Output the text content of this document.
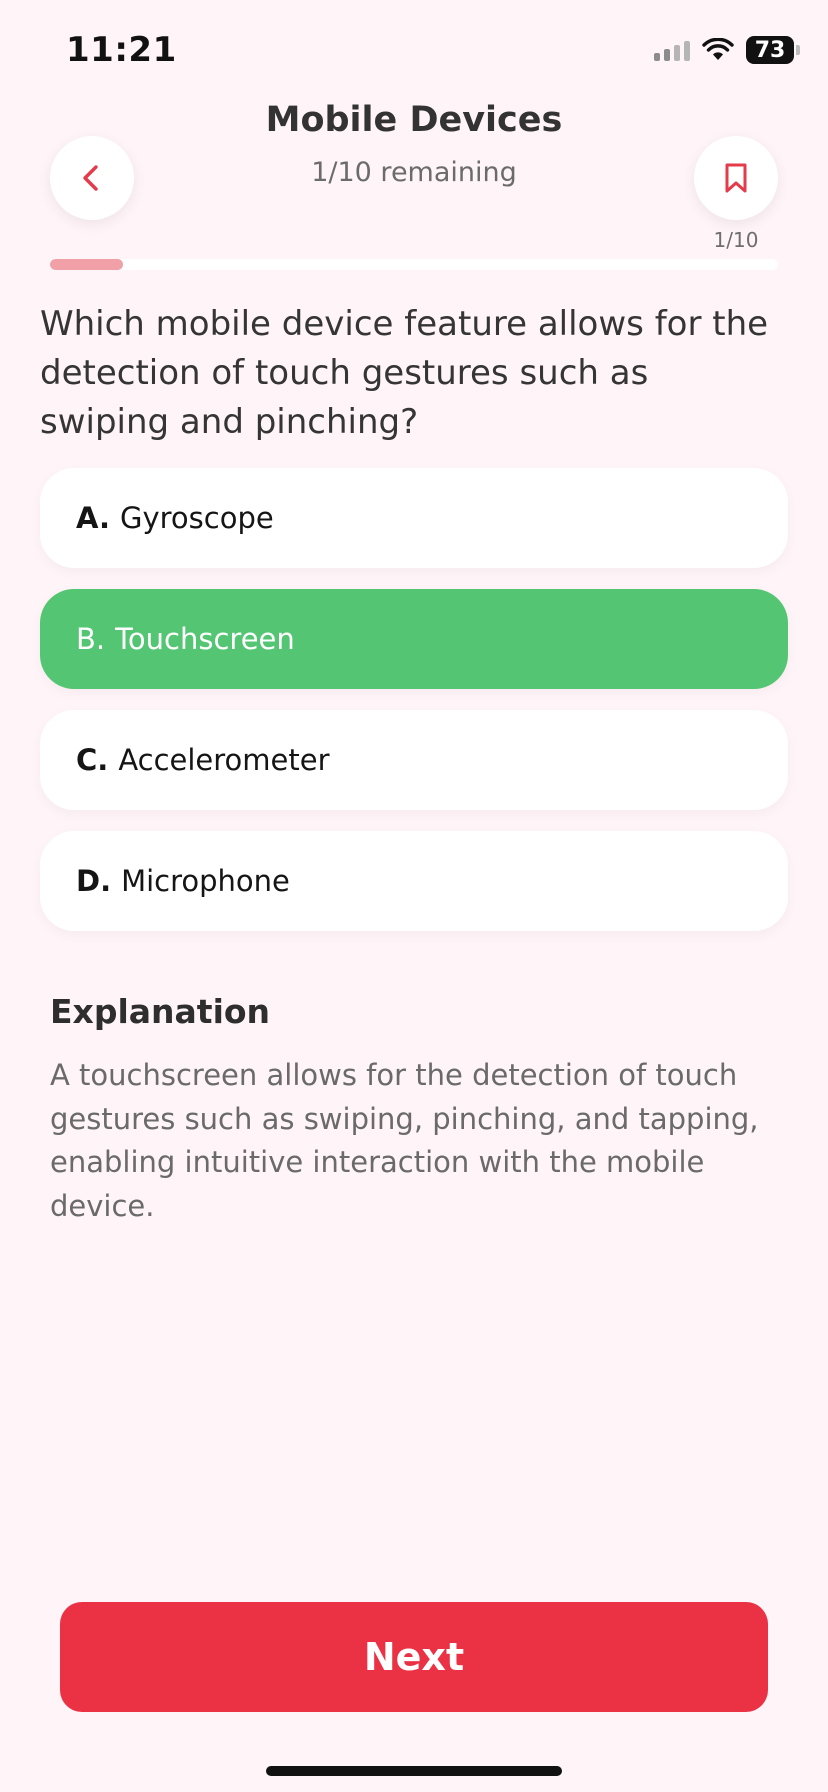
11:21	73
Mobile Devices
1/10 remaining
1/10
Which mobile device feature allows for the detection of touch gestures such as swiping and pinching?
A. Gyroscope
B. Touchscreen
C. Accelerometer
D. Microphone
Explanation
A touchscreen allows for the detection of touch gestures such as swiping, pinching, and tapping, enabling intuitive interaction with the mobile device.
Next
